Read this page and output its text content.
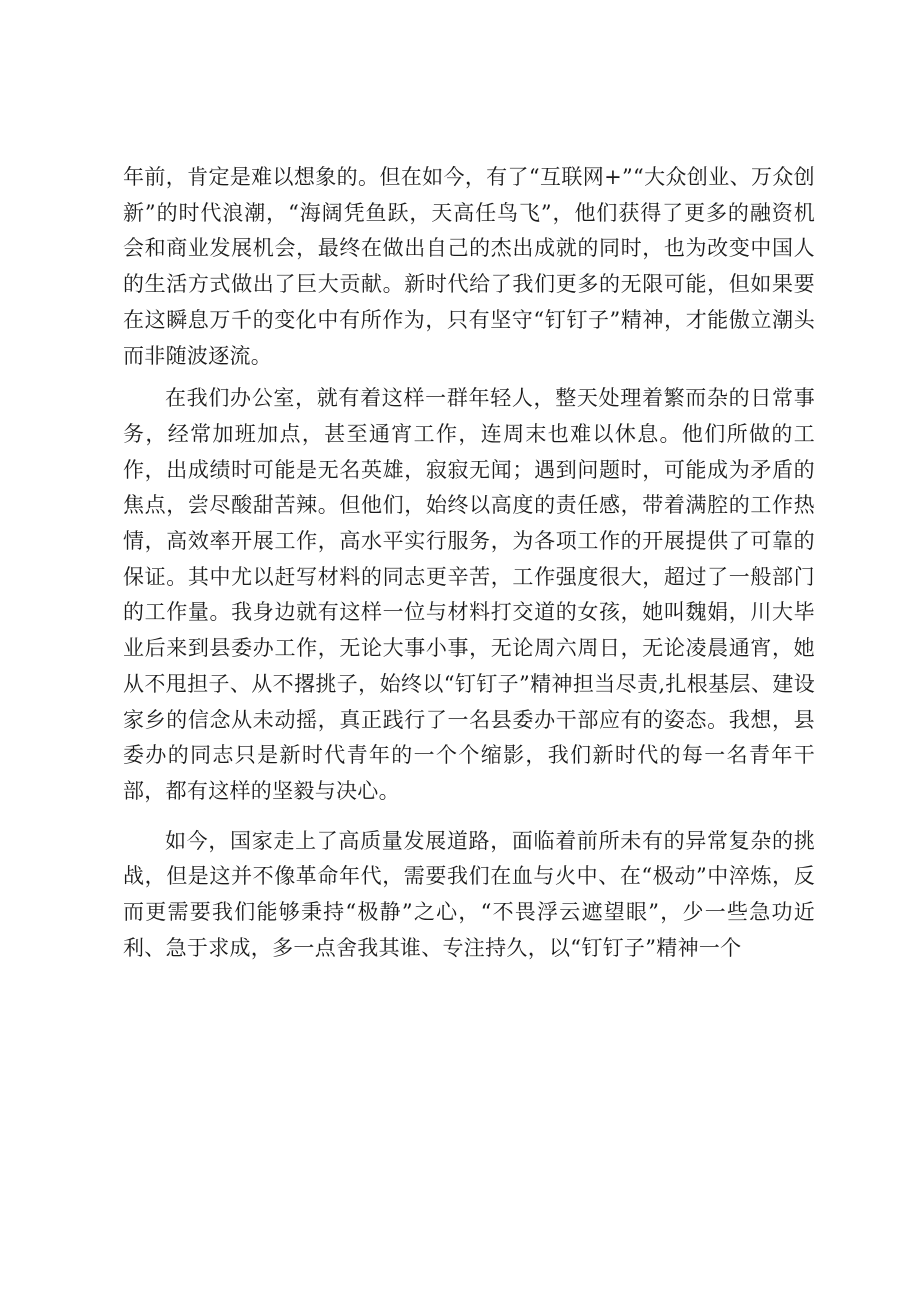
年前，肯定是难以想象的。但在如今，有了“互联网+”“大众创业、万众创新”的时代浪潮，“海阔凭鱼跃，天高任鸟飞”，他们获得了更多的融资机会和商业发展机会，最终在做出自己的杰出成就的同时，也为改变中国人的生活方式做出了巨大贡献。新时代给了我们更多的无限可能，但如果要在这瞬息万千的变化中有所作为，只有坚守“钉钉子”精神，才能傲立潮头而非随波逐流。

在我们办公室，就有着这样一群年轻人，整天处理着繁而杂的日常事务，经常加班加点，甚至通宵工作，连周末也难以休息。他们所做的工作，出成绩时可能是无名英雄，寂寂无闻；遇到问题时，可能成为矛盾的焦点，尝尽酸甜苦辣。但他们，始终以高度的责任感，带着满腔的工作热情，高效率开展工作，高水平实行服务，为各项工作的开展提供了可靠的保证。其中尤以赶写材料的同志更辛苦，工作强度很大，超过了一般部门的工作量。我身边就有这样一位与材料打交道的女孩，她叫魏娟，川大毕业后来到县委办工作，无论大事小事，无论周六周日，无论凌晨通宵，她从不甩担子、从不撂挑子，始终以“钉钉子”精神担当尽责,扎根基层、建设家乡的信念从未动摇，真正践行了一名县委办干部应有的姿态。我想，县委办的同志只是新时代青年的一个个缩影，我们新时代的每一名青年干部，都有这样的坚毅与决心。

如今，国家走上了高质量发展道路，面临着前所未有的异常复杂的挑战，但是这并不像革命年代，需要我们在血与火中、在“极动”中淬炼，反而更需要我们能够秉持“极静”之心，“不畏浮云遮望眼”，少一些急功近利、急于求成，多一点舍我其谁、专注持久，以“钉钉子”精神一个
